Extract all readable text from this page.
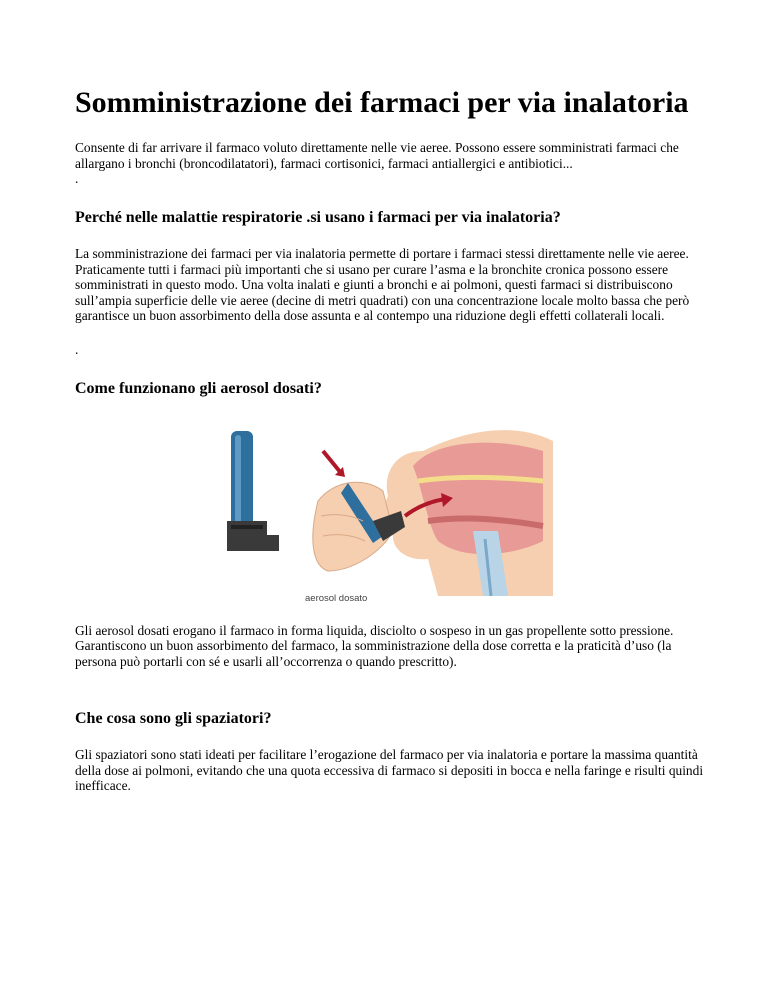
Somministrazione dei farmaci per via inalatoria

Consente di far arrivare il farmaco voluto direttamente nelle vie aeree. Possono essere somministrati farmaci che allargano i bronchi (broncodilatatori), farmaci cortisonici, farmaci antiallergici e antibiotici...

.

Perché nelle malattie respiratorie .si usano i farmaci per via inalatoria?

La somministrazione dei farmaci per via inalatoria permette di portare i farmaci stessi direttamente nelle vie aeree. Praticamente tutti i farmaci più importanti che si usano per curare l’asma e la bronchite cronica possono essere somministrati in questo modo. Una volta inalati e giunti a bronchi e ai polmoni, questi farmaci si distribuiscono sull’ampia superficie delle vie aeree (decine di metri quadrati) con una concentrazione locale molto bassa che però garantisce un buon assorbimento della dose assunta e al contempo una riduzione degli effetti collaterali locali.

.

Come funzionano gli aerosol dosati?
aerosol dosato

Gli aerosol dosati erogano il farmaco in forma liquida, disciolto o sospeso in un gas propellente sotto pressione. Garantiscono un buon assorbimento del farmaco, la somministrazione della dose corretta e la praticità d’uso (la persona può portarli con sé e usarli all’occorrenza o quando prescritto).

Che cosa sono gli spaziatori?

Gli spaziatori sono stati ideati per facilitare l’erogazione del farmaco per via inalatoria e portare la massima quantità della dose ai polmoni, evitando che una quota eccessiva di farmaco si depositi in bocca e nella faringe e risulti quindi inefficace.
